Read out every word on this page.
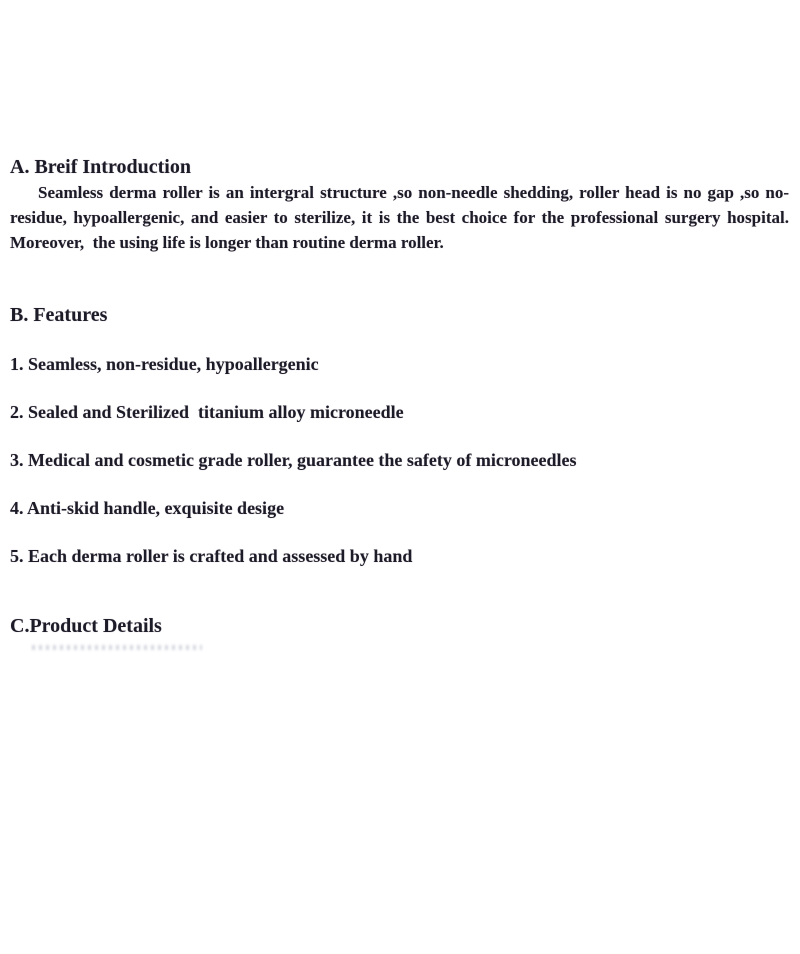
A. Breif Introduction
Seamless derma roller is an intergral structure ,so non-needle shedding, roller head is no gap ,so no-
residue, hypoallergenic, and easier to sterilize, it is the best choice for the professional surgery hospital.
Moreover,  the using life is longer than routine derma roller.
B. Features
1. Seamless, non-residue, hypoallergenic
2. Sealed and Sterilized  titanium alloy microneedle
3. Medical and cosmetic grade roller, guarantee the safety of microneedles
4. Anti-skid handle, exquisite desige
5. Each derma roller is crafted and assessed by hand
C.Product Details
